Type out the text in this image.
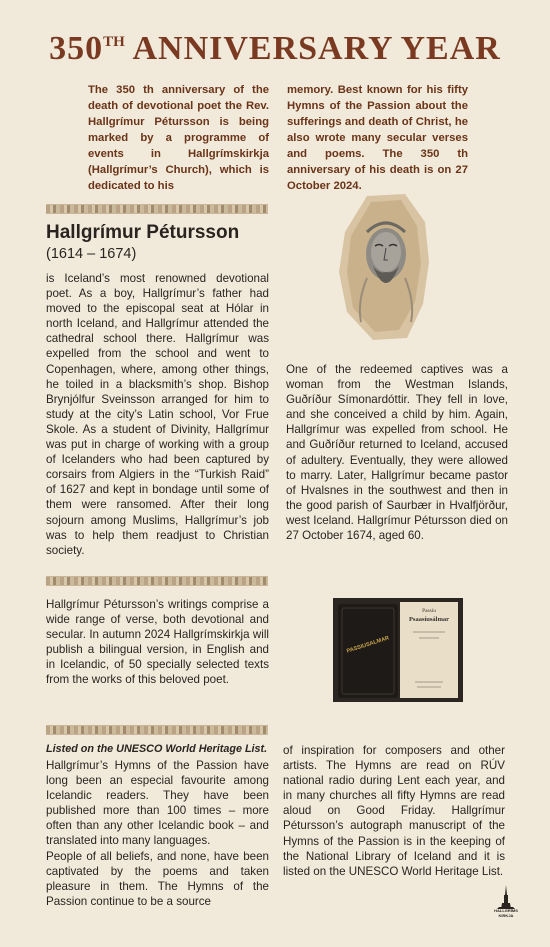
350TH ANNIVERSARY YEAR
The 350 th anniversary of the death of devotional poet the Rev. Hallgrímur Pétursson is being marked by a programme of events in Hallgrímskirkja (Hallgrímur’s Church), which is dedicated to his
memory. Best known for his fifty Hymns of the Passion about the sufferings and death of Christ, he also wrote many secular verses and poems. The 350 th anniversary of his death is on 27 October 2024.
Hallgrímur Pétursson
(1614 – 1674)
is Iceland’s most renowned devotional poet. As a boy, Hallgrímur’s father had moved to the episcopal seat at Hólar in north Iceland, and Hallgrímur attended the cathedral school there. Hallgrímur was expelled from the school and went to Copenhagen, where, among other things, he toiled in a blacksmith’s shop. Bishop Brynjólfur Sveinsson arranged for him to study at the city’s Latin school, Vor Frue Skole. As a student of Divinity, Hallgrímur was put in charge of working with a group of Icelanders who had been captured by corsairs from Algiers in the “Turkish Raid” of 1627 and kept in bondage until some of them were ransomed. After their long sojourn among Muslims, Hallgrímur’s job was to help them readjust to Christian society.
One of the redeemed captives was a woman from the Westman Islands, Guðríður Símonardóttir. They fell in love, and she conceived a child by him. Again, Hallgrímur was expelled from school. He and Guðríður returned to Iceland, accused of adultery. Eventually, they were allowed to marry. Later, Hallgrímur became pastor of Hvalsnes in the southwest and then in the good parish of Saurbær in Hvalfjörður, west Iceland. Hallgrímur Pétursson died on 27 October 1674, aged 60.
Hallgrímur Pétursson’s writings comprise a wide range of verse, both devotional and secular. In autumn 2024 Hallgrímskirkja will publish a bilingual version, in English and in Icelandic, of 50 specially selected texts from the works of this beloved poet.
PASSIUSALMAR
Passíu
Psaasíusálmar
Listed on the UNESCO World Heritage List.

Hallgrímur’s Hymns of the Passion have long been an especial favourite among Icelandic readers. They have been published more than 100 times – more often than any other Icelandic book – and translated into many languages.

People of all beliefs, and none, have been captivated by the poems and taken pleasure in them. The Hymns of the Passion continue to be a source

of inspiration for composers and other artists. The Hymns are read on RÚV national radio during Lent each year, and in many churches all fifty Hymns are read aloud on Good Friday. Hallgrímur Pétursson’s autograph manuscript of the Hymns of the Passion is in the keeping of the National Library of Iceland and it is listed on the UNESCO World Heritage List.
HALLGRÍMS
KIRKJA
